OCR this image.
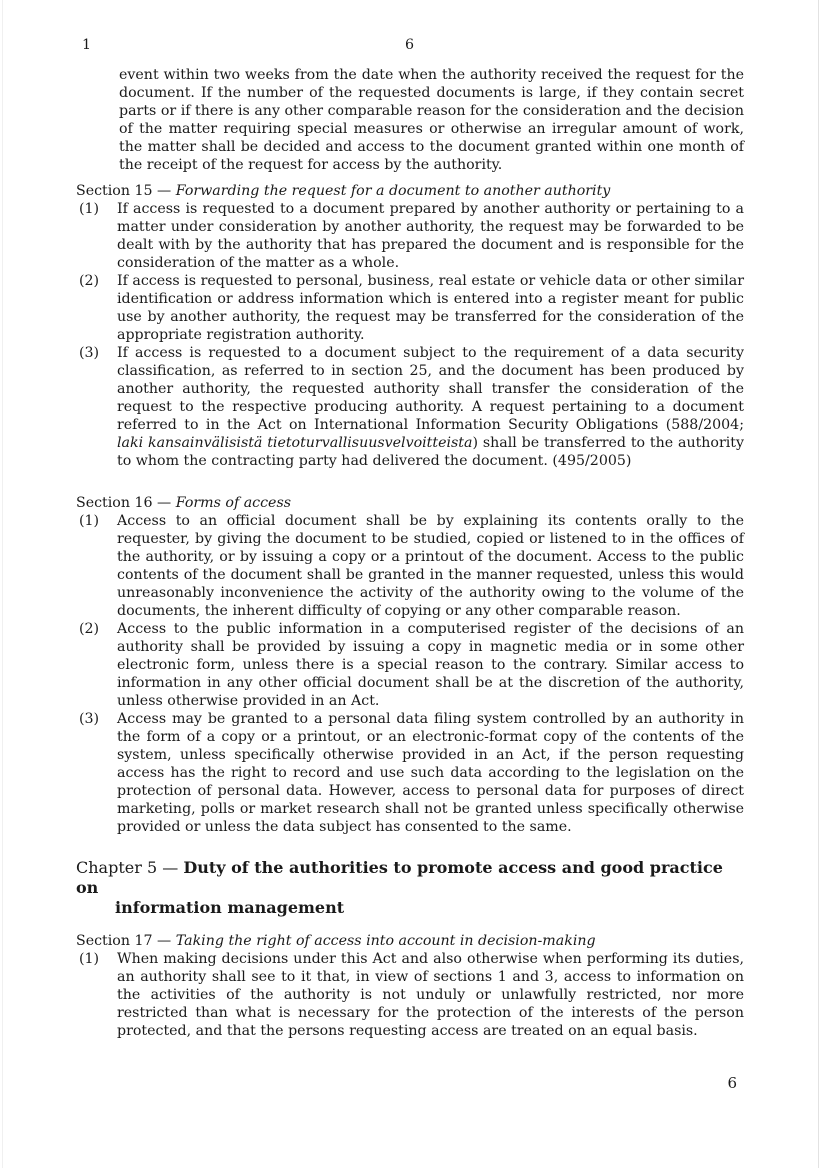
1	6
event within two weeks from the date when the authority received the request for the document. If the number of the requested documents is large, if they contain secret parts or if there is any other comparable reason for the consideration and the decision of the matter requiring special measures or otherwise an irregular amount of work, the matter shall be decided and access to the document granted within one month of the receipt of the request for access by the authority.
Section 15 — Forwarding the request for a document to another authority
(1)	If access is requested to a document prepared by another authority or pertaining to a matter under consideration by another authority, the request may be forwarded to be dealt with by the authority that has prepared the document and is responsible for the consideration of the matter as a whole.
(2)	If access is requested to personal, business, real estate or vehicle data or other similar identification or address information which is entered into a register meant for public use by another authority, the request may be transferred for the consideration of the appropriate registration authority.
(3)	If access is requested to a document subject to the requirement of a data security classification, as referred to in section 25, and the document has been produced by another authority, the requested authority shall transfer the consideration of the request to the respective producing authority. A request pertaining to a document referred to in the Act on International Information Security Obligations (588/2004; laki kansainvälisistä tietoturvallisuusvelvoitteista) shall be transferred to the authority to whom the contracting party had delivered the document. (495/2005)
Section 16 — Forms of access
(1)	Access to an official document shall be by explaining its contents orally to the requester, by giving the document to be studied, copied or listened to in the offices of the authority, or by issuing a copy or a printout of the document. Access to the public contents of the document shall be granted in the manner requested, unless this would unreasonably inconvenience the activity of the authority owing to the volume of the documents, the inherent difficulty of copying or any other comparable reason.
(2)	Access to the public information in a computerised register of the decisions of an authority shall be provided by issuing a copy in magnetic media or in some other electronic form, unless there is a special reason to the contrary. Similar access to information in any other official document shall be at the discretion of the authority, unless otherwise provided in an Act.
(3)	Access may be granted to a personal data filing system controlled by an authority in the form of a copy or a printout, or an electronic-format copy of the contents of the system, unless specifically otherwise provided in an Act, if the person requesting access has the right to record and use such data according to the legislation on the protection of personal data. However, access to personal data for purposes of direct marketing, polls or market research shall not be granted unless specifically otherwise provided or unless the data subject has consented to the same.
Chapter 5 — Duty of the authorities to promote access and good practice on
information management
Section 17 — Taking the right of access into account in decision-making
(1)	When making decisions under this Act and also otherwise when performing its duties, an authority shall see to it that, in view of sections 1 and 3, access to information on the activities of the authority is not unduly or unlawfully restricted, nor more restricted than what is necessary for the protection of the interests of the person protected, and that the persons requesting access are treated on an equal basis.
6
